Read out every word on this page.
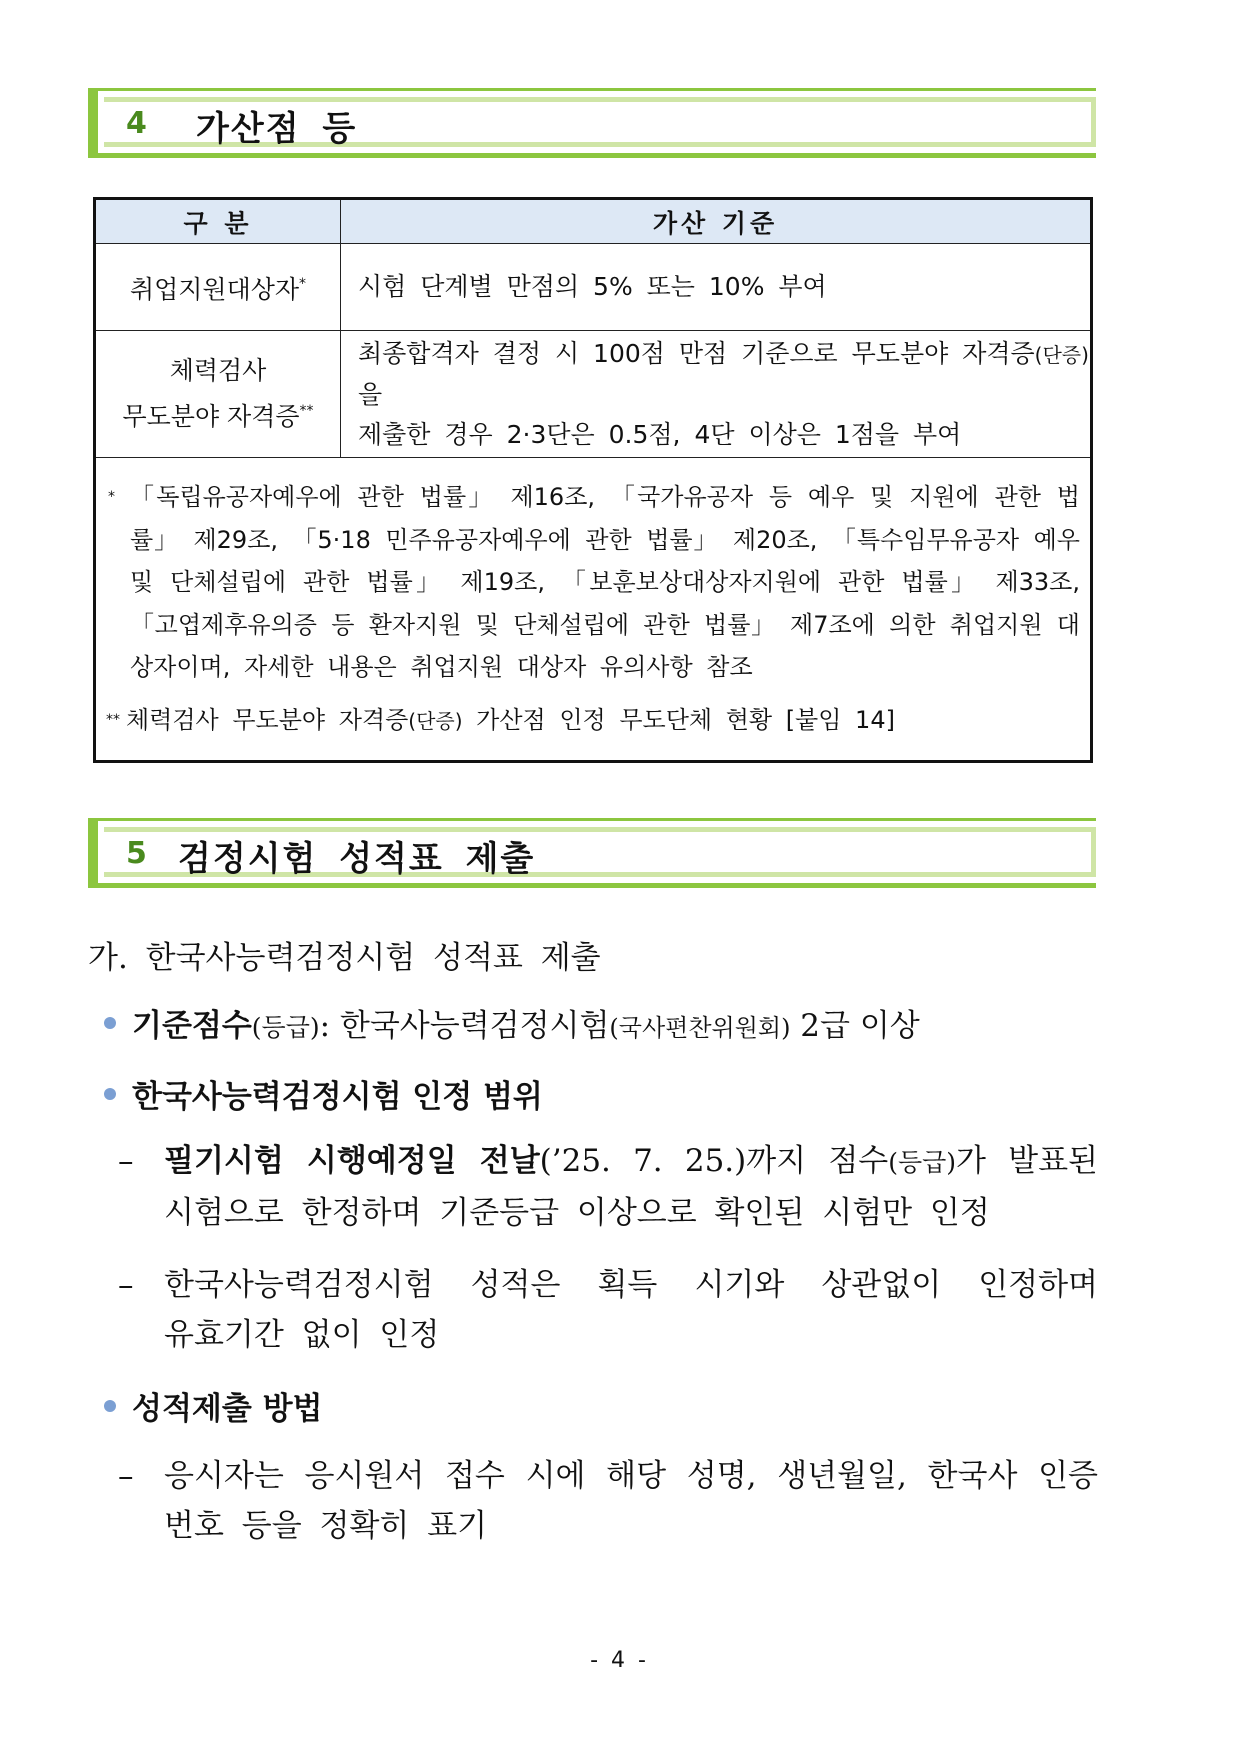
4 가산점 등
구 분	가산 기준
취업지원대상자*	시험 단계별 만점의 5% 또는 10% 부여
체력검사
무도분야 자격증**	최종합격자 결정 시 100점 만점 기준으로 무도분야 자격증(단증)을
제출한 경우 2·3단은 0.5점, 4단 이상은 1점을 부여

* 「독립유공자예우에 관한 법률」 제16조, 「국가유공자 등 예우 및 지원에 관한 법률」 제29조, 「5·18 민주유공자예우에 관한 법률」 제20조, 「특수임무유공자 예우 및 단체설립에 관한 법률」 제19조, 「보훈보상대상자지원에 관한 법률」 제33조, 「고엽제후유의증 등 환자지원 및 단체설립에 관한 법률」 제7조에 의한 취업지원 대상자이며, 자세한 내용은 취업지원 대상자 유의사항 참조
** 체력검사 무도분야 자격증(단증) 가산점 인정 무도단체 현황 [붙임 14]	
5 검정시험 성적표 제출
가. 한국사능력검정시험 성적표 제출
기준점수(등급): 한국사능력검정시험(국사편찬위원회) 2급 이상
한국사능력검정시험 인정 범위
– 필기시험 시행예정일 전날(’25. 7. 25.)까지 점수(등급)가 발표된
시험으로 한정하며 기준등급 이상으로 확인된 시험만 인정
– 한국사능력검정시험 성적은 획득 시기와 상관없이 인정하며
유효기간 없이 인정
성적제출 방법
– 응시자는 응시원서 접수 시에 해당 성명, 생년월일, 한국사 인증
번호 등을 정확히 표기
- 4 -
